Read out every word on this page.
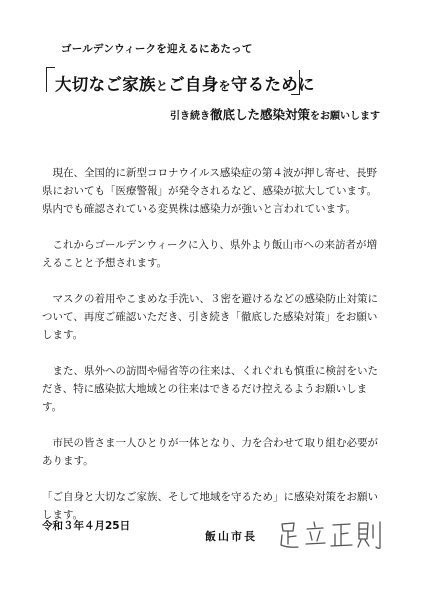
ゴールデンウィークを迎えるにあたって
大切なご家族とご自身を守るために
引き続き徹底した感染対策をお願いします

現在、全国的に新型コロナウイルス感染症の第４波が押し寄せ、長野県においても「医療警報」が発令されるなど、感染が拡大しています。県内でも確認されている変異株は感染力が強いと言われています。

これからゴールデンウィークに入り、県外より飯山市への来訪者が増えることと予想されます。

マスクの着用やこまめな手洗い、３密を避けるなどの感染防止対策について、再度ご確認いただき、引き続き「徹底した感染対策」をお願いします。

また、県外への訪問や帰省等の往来は、くれぐれも慎重に検討をいただき、特に感染拡大地域との往来はできるだけ控えるようお願いします。

市民の皆さま一人ひとりが一体となり、力を合わせて取り組む必要があります。

「ご自身と大切なご家族、そして地域を守るため」に感染対策をお願いします。

令和３年４月25日
飯山市長
